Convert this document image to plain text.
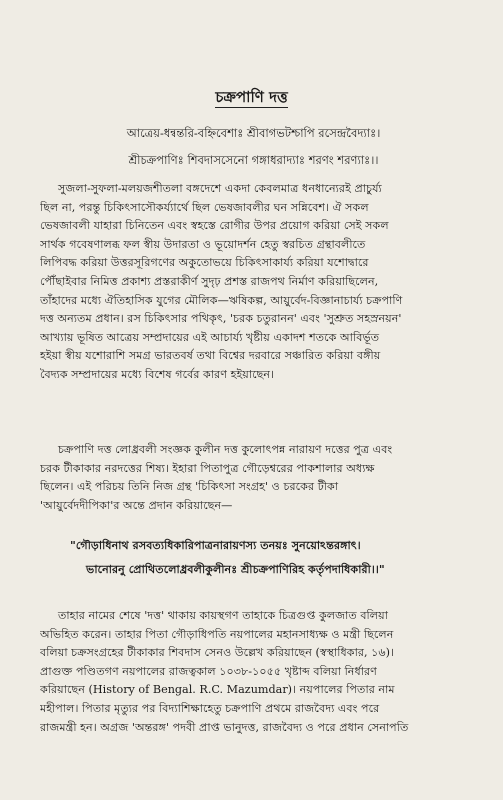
চক্রপাণি দত্ত
আত্রেয়-ধন্বন্তরি-বহ্নিবেশাঃ শ্রীবাগভটশ্চাপি রসেন্দ্রবৈদ্যাঃ।
শ্রীচক্রপাণিঃ শিবদাসসেনো গঙ্গাধরাদ্যাঃ শরণং শরণ্যাঃ।।
সুজলা-সুফলা-মলয়জশীতলা বঙ্গদেশে একদা কেবলমাত্র ধনধান্যেরই প্রাচুর্য্য
ছিল না, পরন্তু চিকিৎসাসৌকর্য্যার্থে ছিল ভেষজাবলীর ঘন সন্নিবেশ। ঐ সকল
ভেষজাবলী যাহারা চিনিতেন এবং স্বহস্তে রোগীর উপর প্রয়োগ করিয়া সেই সকল
সার্থক গবেষণালব্ধ ফল স্বীয় উদারতা ও ভূয়োদর্শন হেতু স্বরচিত গ্রন্থাবলীতে
লিপিবদ্ধ করিয়া উত্তরসূরিগণের অকুতোভয়ে চিকিৎসাকার্য্য করিয়া যশোদ্বারে
পৌঁছাইবার নিমিত্ত প্রকাশ্য প্রস্তরাকীর্ণ সুদৃঢ় প্রশস্ত রাজপথ নির্মাণ করিয়াছিলেন,
তাঁহাদের মধ্যে ঐতিহাসিক যুগের মৌলিক—ঋষিকল্প, আয়ুর্বেদ-বিজ্ঞানাচার্য্য চক্রপাণি
দত্ত অন্যতম প্রধান। রস চিকিৎসার পথিকৃৎ, 'চরক চতুরানন' এবং 'সুশ্রুত সহস্রনয়ন'
আখ্যায় ভূষিত আত্রেয় সম্প্রদায়ের এই আচার্য্য খৃষ্টীয় একাদশ শতকে আবির্ভূত
হইয়া স্বীয় যশোরাশি সমগ্র ভারতবর্ষ তথা বিশ্বের দরবারে সঞ্চারিত করিয়া বঙ্গীয়
বৈদ্যক সম্প্রদায়ের মধ্যে বিশেষ গর্বের কারণ হইয়াছেন।
চক্রপাণি দত্ত লোধ্রবলী সংজ্ঞক কুলীন দত্ত কুলোৎপন্ন নারায়ণ দত্তের পুত্র এবং
চরক টীকাকার নরদত্তের শিষ্য। ইহারা পিতাপুত্র গৌড়েশ্বরের পাকশালার অধ্যক্ষ
ছিলেন। এই পরিচয় তিনি নিজ গ্রন্থ 'চিকিৎসা সংগ্রহ' ও চরকের টীকা
'আয়ুর্বেদদীপিকা'র অন্তে প্রদান করিয়াছেন—
"গৌড়াধিনাথ রসবত্যধিকারিপাত্রনারায়ণস্য তনয়ঃ সুনয়োঽন্তরঙ্গাৎ।
ভানোরনু প্রোথিতলোধ্রবলীকুলীনঃ শ্রীচক্রপাণিরিহ কর্তৃপদাধিকারী।।"
তাহার নামের শেষে 'দত্ত' থাকায় কায়স্থগণ তাহাকে চিত্রগুপ্ত কুলজাত বলিয়া
অভিহিত করেন। তাহার পিতা গৌড়াধিপতি নয়পালের মহানসাধ্যক্ষ ও মন্ত্রী ছিলেন
বলিয়া চক্রসংগ্রহের টীকাকার শিবদাস সেনও উল্লেখ করিয়াছেন (স্বস্থাধিকার, ১৬)।
প্রাগুক্ত পণ্ডিতগণ নয়পালের রাজত্বকাল ১০৩৮-১০৫৫ খৃষ্টাব্দ বলিয়া নির্ধারণ
করিয়াছেন (History of Bengal. R.C. Mazumdar)। নয়পালের পিতার নাম
মহীপাল। পিতার মৃত্যুর পর বিদ্যাশিক্ষাহেতু চক্রপাণি প্রথমে রাজবৈদ্য এবং পরে
রাজমন্ত্রী হন। অগ্রজ 'অন্তরঙ্গ' পদবী প্রাপ্ত ভানুদত্ত, রাজবৈদ্য ও পরে প্রধান সেনাপতি
